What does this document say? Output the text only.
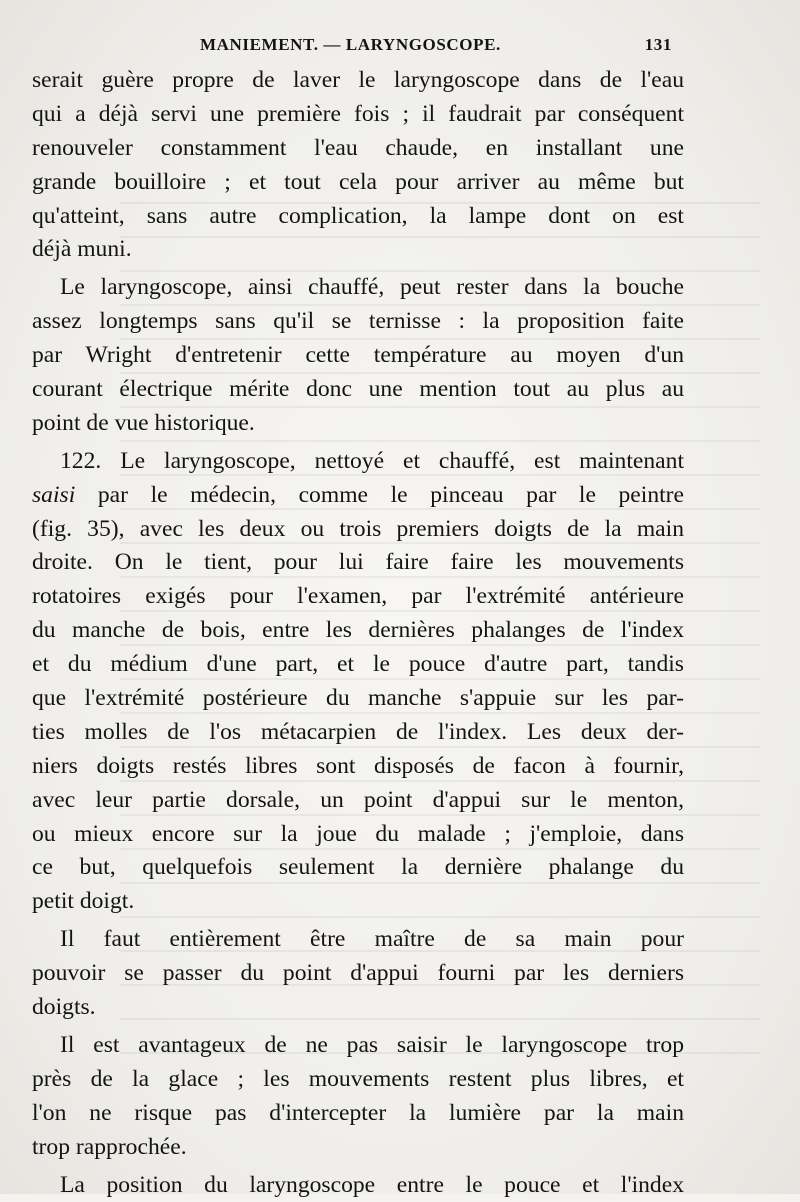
MANIEMENT. — LARYNGOSCOPE.	131
serait guère propre de laver le laryngoscope dans de l'eau
qui a déjà servi une première fois ; il faudrait par conséquent
renouveler constamment l'eau chaude, en installant une
grande bouilloire ; et tout cela pour arriver au même but
qu'atteint, sans autre complication, la lampe dont on est
déjà muni.
Le laryngoscope, ainsi chauffé, peut rester dans la bouche
assez longtemps sans qu'il se ternisse : la proposition faite
par Wright d'entretenir cette température au moyen d'un
courant électrique mérite donc une mention tout au plus au
point de vue historique.
122. Le laryngoscope, nettoyé et chauffé, est maintenant
saisi par le médecin, comme le pinceau par le peintre
(fig. 35), avec les deux ou trois premiers doigts de la main
droite. On le tient, pour lui faire faire les mouvements
rotatoires exigés pour l'examen, par l'extrémité antérieure
du manche de bois, entre les dernières phalanges de l'index
et du médium d'une part, et le pouce d'autre part, tandis
que l'extrémité postérieure du manche s'appuie sur les par-
ties molles de l'os métacarpien de l'index. Les deux der-
niers doigts restés libres sont disposés de facon à fournir,
avec leur partie dorsale, un point d'appui sur le menton,
ou mieux encore sur la joue du malade ; j'emploie, dans
ce but, quelquefois seulement la dernière phalange du
petit doigt.
Il faut entièrement être maître de sa main pour
pouvoir se passer du point d'appui fourni par les derniers
doigts.
Il est avantageux de ne pas saisir le laryngoscope trop
près de la glace ; les mouvements restent plus libres, et
l'on ne risque pas d'intercepter la lumière par la main
trop rapprochée.
La position du laryngoscope entre le pouce et l'index
